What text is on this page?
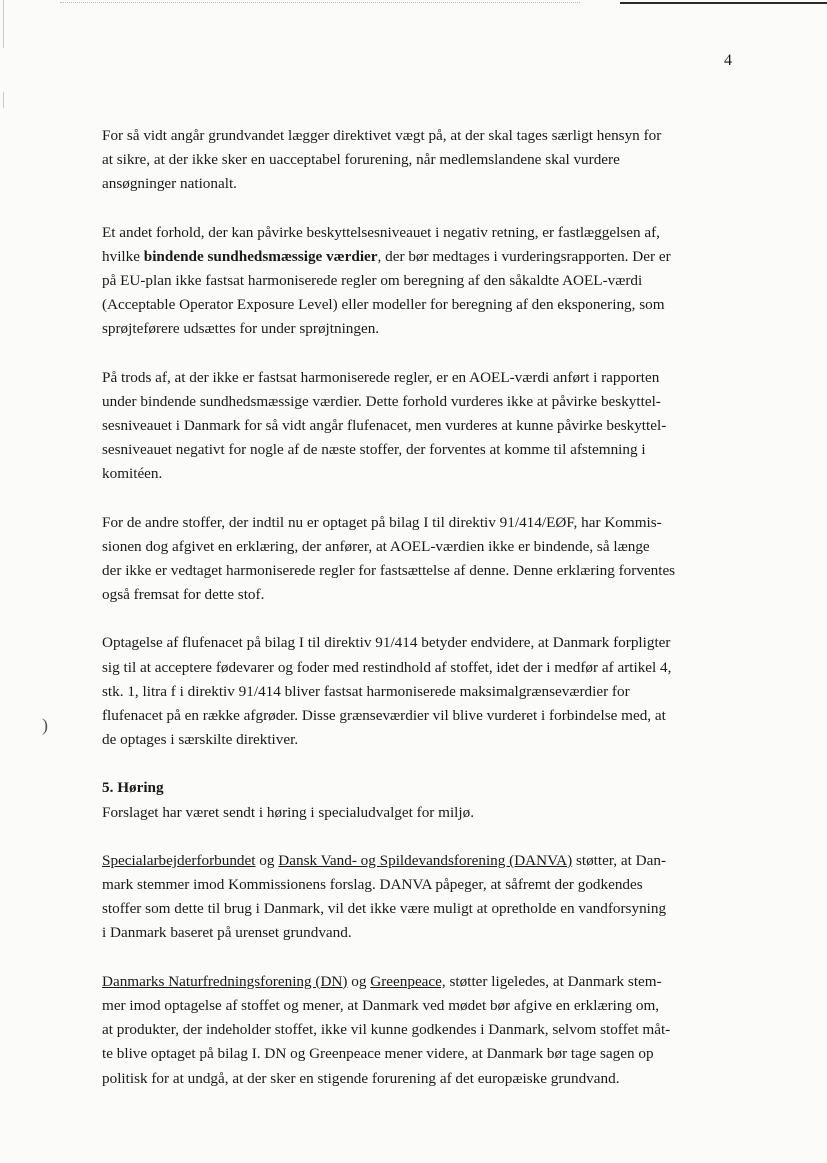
)
4
For så vidt angår grundvandet lægger direktivet vægt på, at der skal tages særligt hensyn for
at sikre, at der ikke sker en uacceptabel forurening, når medlemslandene skal vurdere
ansøgninger nationalt.
Et andet forhold, der kan påvirke beskyttelsesniveauet i negativ retning, er fastlæggelsen af,
hvilke bindende sundhedsmæssige værdier, der bør medtages i vurderingsrapporten. Der er
på EU-plan ikke fastsat harmoniserede regler om beregning af den såkaldte AOEL-værdi
(Acceptable Operator Exposure Level) eller modeller for beregning af den eksponering, som
sprøjteførere udsættes for under sprøjtningen.
På trods af, at der ikke er fastsat harmoniserede regler, er en AOEL-værdi anført i rapporten
under bindende sundhedsmæssige værdier. Dette forhold vurderes ikke at påvirke beskyttel-
sesniveauet i Danmark for så vidt angår flufenacet, men vurderes at kunne påvirke beskyttel-
sesniveauet negativt for nogle af de næste stoffer, der forventes at komme til afstemning i
komitéen.
For de andre stoffer, der indtil nu er optaget på bilag I til direktiv 91/414/EØF, har Kommis-
sionen dog afgivet en erklæring, der anfører, at AOEL-værdien ikke er bindende, så længe
der ikke er vedtaget harmoniserede regler for fastsættelse af denne. Denne erklæring forventes
også fremsat for dette stof.
Optagelse af flufenacet på bilag I til direktiv 91/414 betyder endvidere, at Danmark forpligter
sig til at acceptere fødevarer og foder med restindhold af stoffet, idet der i medfør af artikel 4,
stk. 1, litra f i direktiv 91/414 bliver fastsat harmoniserede maksimalgrænseværdier for
flufenacet på en række afgrøder. Disse grænseværdier vil blive vurderet i forbindelse med, at
de optages i særskilte direktiver.
5. Høring
Forslaget har været sendt i høring i specialudvalget for miljø.
Specialarbejderforbundet og Dansk Vand- og Spildevandsforening (DANVA) støtter, at Dan-
mark stemmer imod Kommissionens forslag. DANVA påpeger, at såfremt der godkendes
stoffer som dette til brug i Danmark, vil det ikke være muligt at opretholde en vandforsyning
i Danmark baseret på urenset grundvand.
Danmarks Naturfredningsforening (DN) og Greenpeace, støtter ligeledes, at Danmark stem-
mer imod optagelse af stoffet og mener, at Danmark ved mødet bør afgive en erklæring om,
at produkter, der indeholder stoffet, ikke vil kunne godkendes i Danmark, selvom stoffet måt-
te blive optaget på bilag I. DN og Greenpeace mener videre, at Danmark bør tage sagen op
politisk for at undgå, at der sker en stigende forurening af det europæiske grundvand.
